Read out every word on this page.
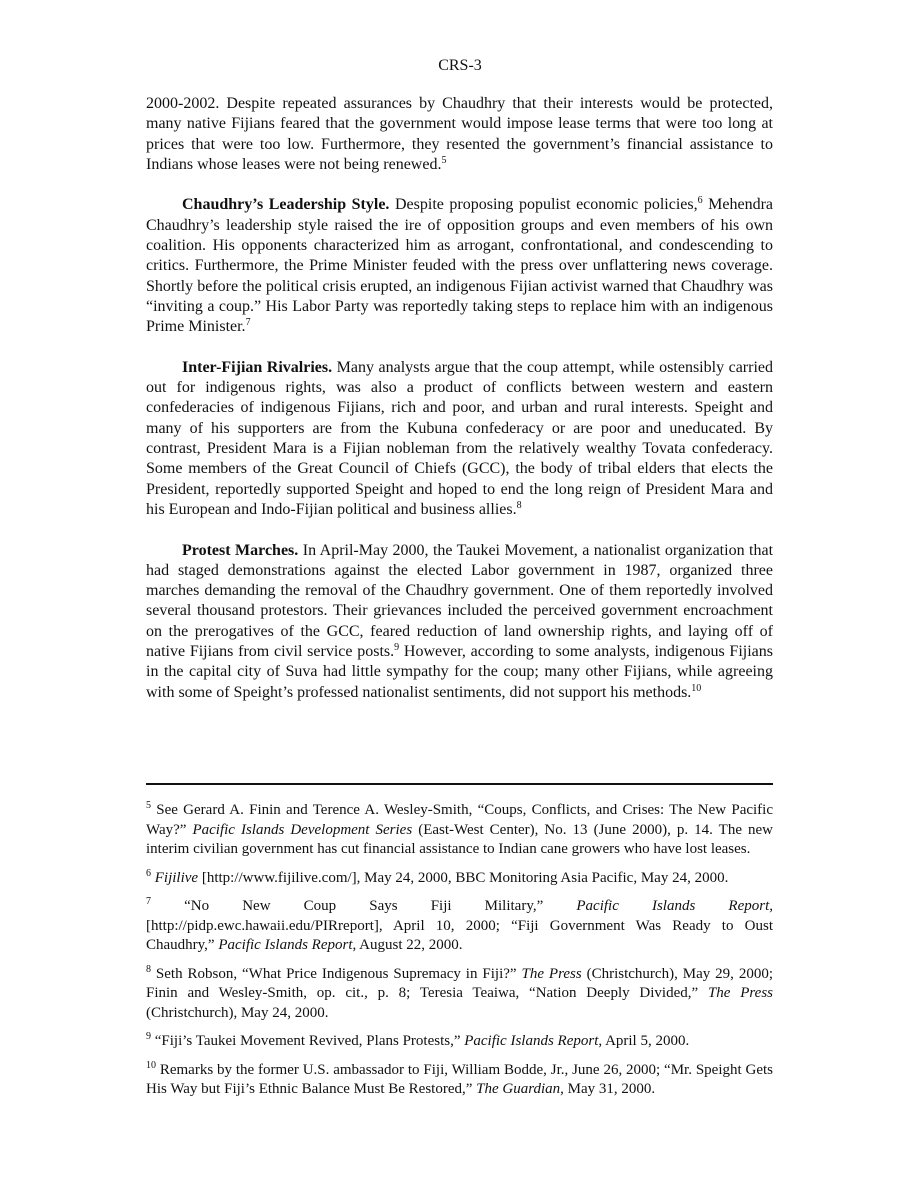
CRS-3

2000-2002. Despite repeated assurances by Chaudhry that their interests would be protected, many native Fijians feared that the government would impose lease terms that were too long at prices that were too low. Furthermore, they resented the government’s financial assistance to Indians whose leases were not being renewed.$^5$

Chaudhry’s Leadership Style. Despite proposing populist economic policies,$^6$ Mehendra Chaudhry’s leadership style raised the ire of opposition groups and even members of his own coalition. His opponents characterized him as arrogant, confrontational, and condescending to critics. Furthermore, the Prime Minister feuded with the press over unflattering news coverage. Shortly before the political crisis erupted, an indigenous Fijian activist warned that Chaudhry was “inviting a coup.” His Labor Party was reportedly taking steps to replace him with an indigenous Prime Minister.$^7$

Inter-Fijian Rivalries. Many analysts argue that the coup attempt, while ostensibly carried out for indigenous rights, was also a product of conflicts between western and eastern confederacies of indigenous Fijians, rich and poor, and urban and rural interests. Speight and many of his supporters are from the Kubuna confederacy or are poor and uneducated. By contrast, President Mara is a Fijian nobleman from the relatively wealthy Tovata confederacy. Some members of the Great Council of Chiefs (GCC), the body of tribal elders that elects the President, reportedly supported Speight and hoped to end the long reign of President Mara and his European and Indo-Fijian political and business allies.$^8$

Protest Marches. In April-May 2000, the Taukei Movement, a nationalist organization that had staged demonstrations against the elected Labor government in 1987, organized three marches demanding the removal of the Chaudhry government. One of them reportedly involved several thousand protestors. Their grievances included the perceived government encroachment on the prerogatives of the GCC, feared reduction of land ownership rights, and laying off of native Fijians from civil service posts.$^9$ However, according to some analysts, indigenous Fijians in the capital city of Suva had little sympathy for the coup; many other Fijians, while agreeing with some of Speight’s professed nationalist sentiments, did not support his methods.$^{10}$

$^5$ See Gerard A. Finin and Terence A. Wesley-Smith, “Coups, Conflicts, and Crises: The New Pacific Way?” Pacific Islands Development Series (East-West Center), No. 13 (June 2000), p. 14. The new interim civilian government has cut financial assistance to Indian cane growers who have lost leases.

$^6$ Fijilive [http://www.fijilive.com/], May 24, 2000, BBC Monitoring Asia Pacific, May 24, 2000.

$^7$ “No New Coup Says Fiji Military,” Pacific Islands Report, [http://pidp.ewc.hawaii.edu/PIRreport], April 10, 2000; “Fiji Government Was Ready to Oust Chaudhry,” Pacific Islands Report, August 22, 2000.

$^8$ Seth Robson, “What Price Indigenous Supremacy in Fiji?” The Press (Christchurch), May 29, 2000; Finin and Wesley-Smith, op. cit., p. 8; Teresia Teaiwa, “Nation Deeply Divided,” The Press (Christchurch), May 24, 2000.

$^9$ “Fiji’s Taukei Movement Revived, Plans Protests,” Pacific Islands Report, April 5, 2000.

$^{10}$ Remarks by the former U.S. ambassador to Fiji, William Bodde, Jr., June 26, 2000; “Mr. Speight Gets His Way but Fiji’s Ethnic Balance Must Be Restored,” The Guardian, May 31, 2000.
